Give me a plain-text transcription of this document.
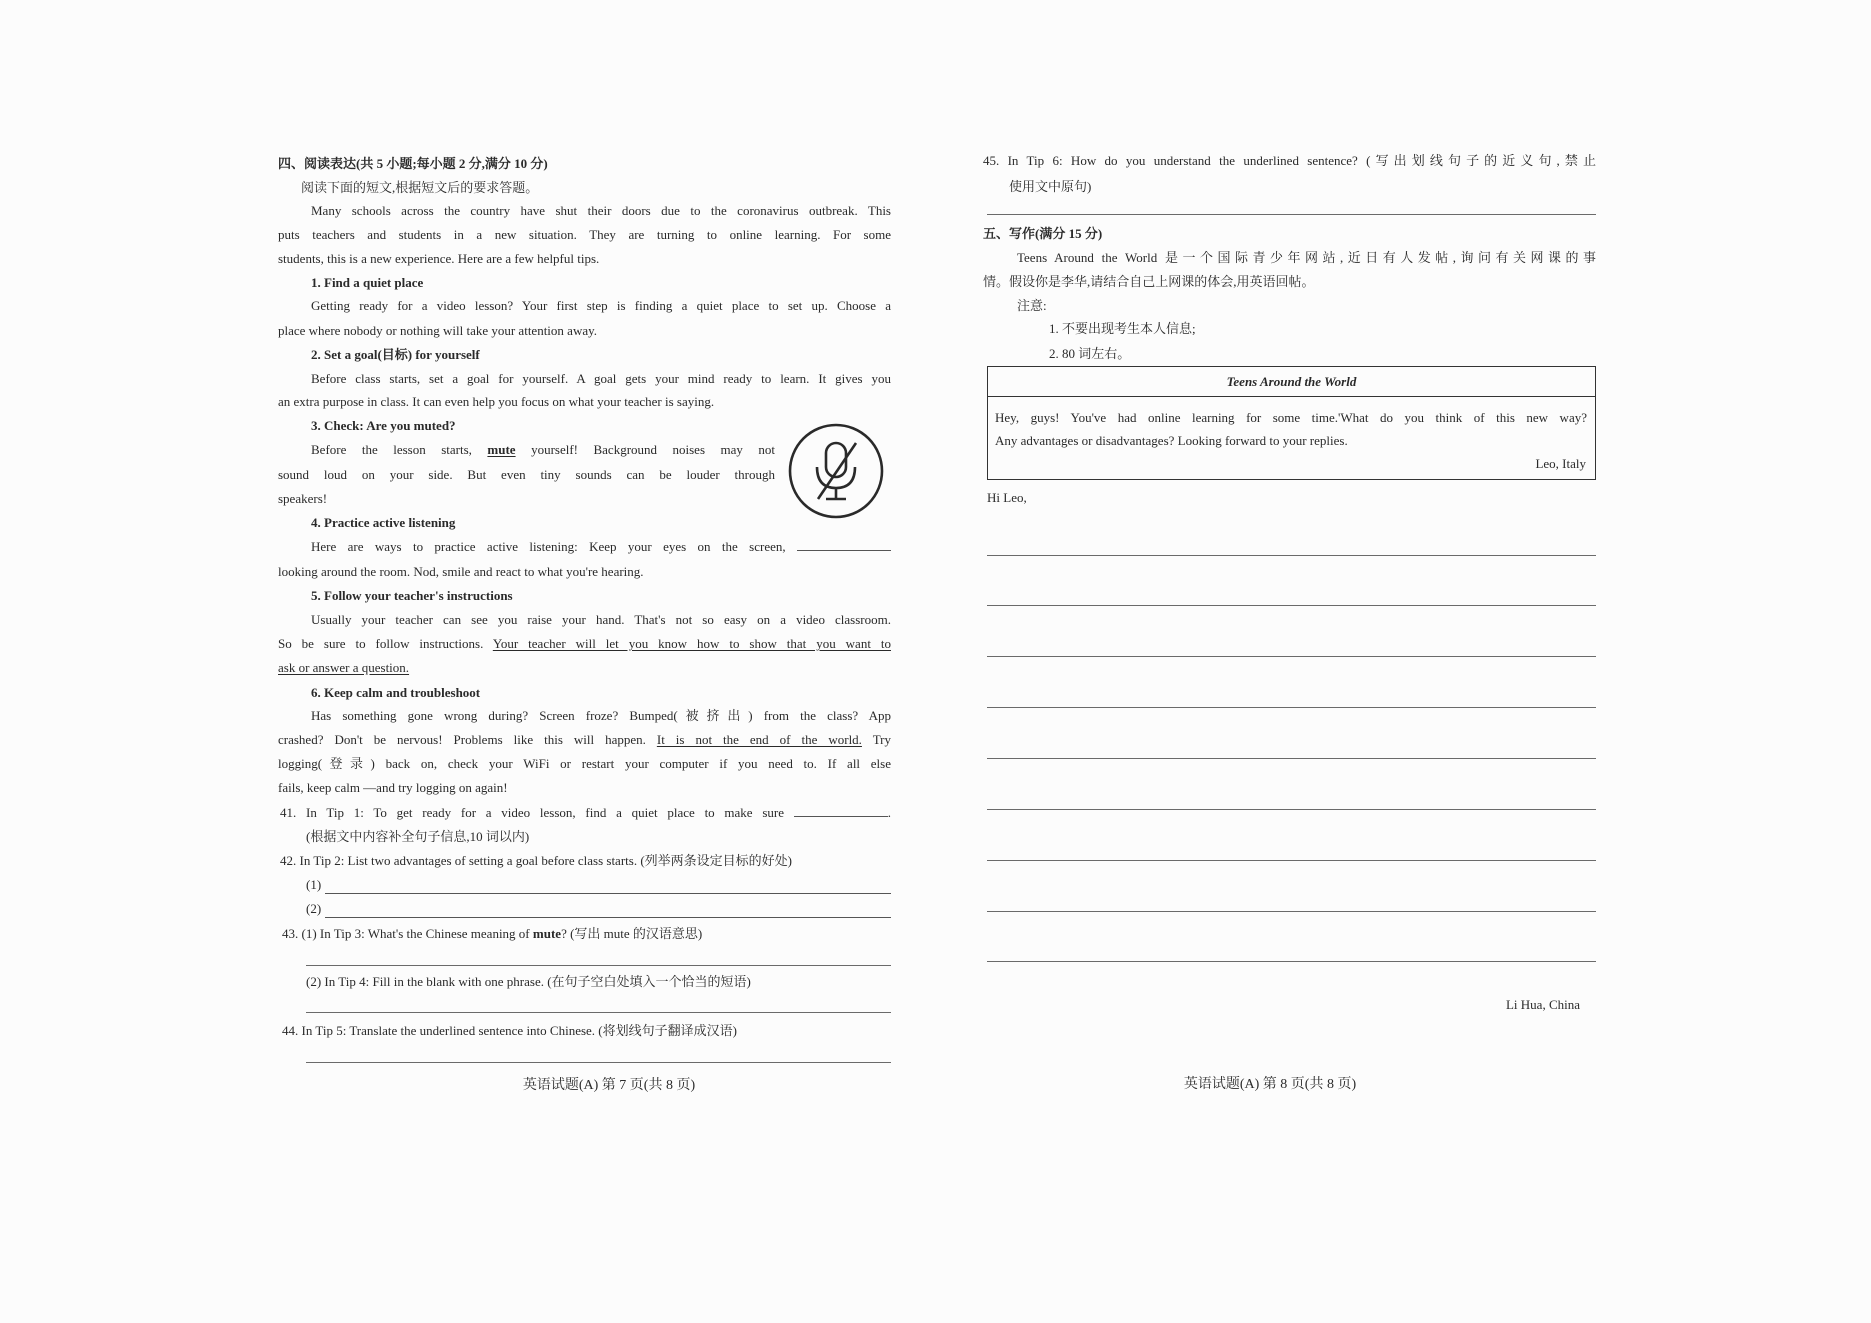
四、阅读表达(共 5 小题;每小题 2 分,满分 10 分)
阅读下面的短文,根据短文后的要求答题。
Many schools across the country have shut their doors due to the coronavirus outbreak. This
puts teachers and students in a new situation. They are turning to online learning. For some
students, this is a new experience. Here are a few helpful tips.
1. Find a quiet place
Getting ready for a video lesson? Your first step is finding a quiet place to set up. Choose a
place where nobody or nothing will take your attention away.
2. Set a goal(目标) for yourself
Before class starts, set a goal for yourself. A goal gets your mind ready to learn. It gives you
an extra purpose in class. It can even help you focus on what your teacher is saying.
3. Check: Are you muted?
Before the lesson starts, mute yourself! Background noises may not
sound loud on your side. But even tiny sounds can be louder through
speakers!
4. Practice active listening
Here are ways to practice active listening: Keep your eyes on the screen,
looking around the room. Nod, smile and react to what you're hearing.
5. Follow your teacher's instructions
Usually your teacher can see you raise your hand. That's not so easy on a video classroom.
So be sure to follow instructions. Your teacher will let you know how to show that you want to
ask or answer a question.
6. Keep calm and troubleshoot
Has something gone wrong during? Screen froze? Bumped(被挤出) from the class? App
crashed? Don't be nervous! Problems like this will happen. It is not the end of the world. Try
logging(登录) back on, check your WiFi or restart your computer if you need to. If all else
fails, keep calm —and try logging on again!
41. In Tip 1: To get ready for a video lesson, find a quiet place to make sure	.
(根据文中内容补全句子信息,10 词以内)
42. In Tip 2: List two advantages of setting a goal before class starts. (列举两条设定目标的好处)
(1)
(2)
43. (1) In Tip 3: What's the Chinese meaning of mute? (写出 mute 的汉语意思)
(2) In Tip 4: Fill in the blank with one phrase. (在句子空白处填入一个恰当的短语)
44. In Tip 5: Translate the underlined sentence into Chinese. (将划线句子翻译成汉语)
英语试题(A) 第 7 页(共 8 页)
45. In Tip 6: How do you understand the underlined sentence? (写出划线句子的近义句,禁止
使用文中原句)
五、写作(满分 15 分)
Teens Around the World 是一个国际青少年网站,近日有人发帖,询问有关网课的事
情。假设你是李华,请结合自己上网课的体会,用英语回帖。
注意:
1. 不要出现考生本人信息;
2. 80 词左右。
Teens Around the World
Hey, guys! You've had online learning for some time.'What do you think of this new way?
Any advantages or disadvantages? Looking forward to your replies.
Leo, Italy
Hi Leo,
Li Hua, China
英语试题(A) 第 8 页(共 8 页)
